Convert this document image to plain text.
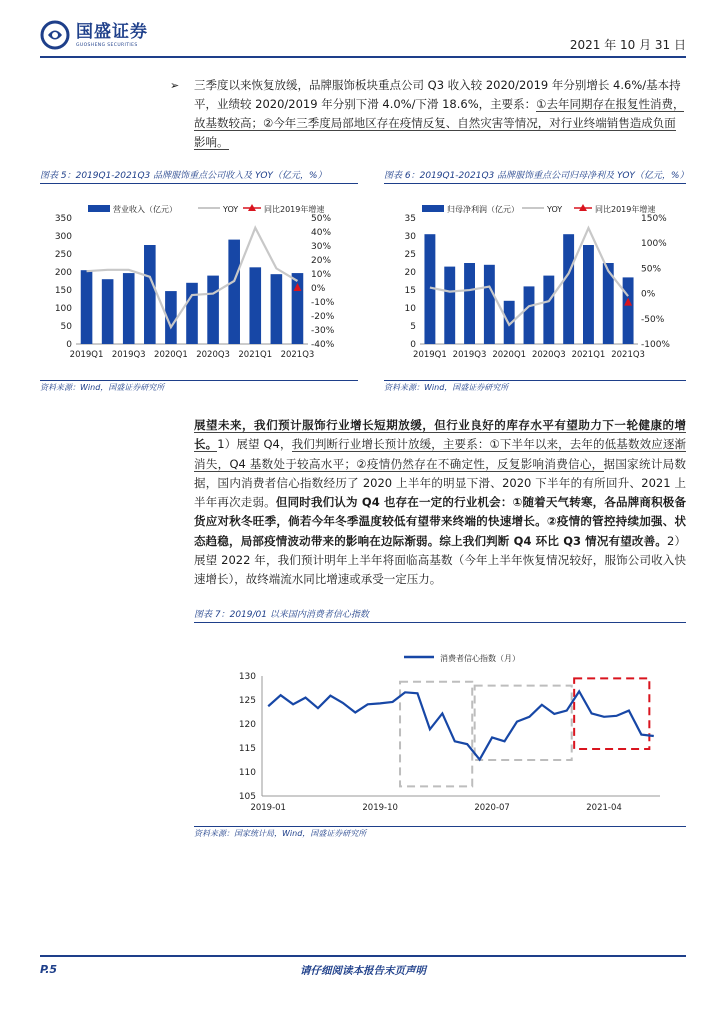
国盛证券
GUOSHENG SECURITIES	2021 年 10 月 31 日
➢ 三季度以来恢复放缓，品牌服饰板块重点公司 Q3 收入较 2020/2019 年分别增长 4.6%/基本持平，业绩较 2020/2019 年分别下滑 4.0%/下滑 18.6%，主要系：①去年同期存在报复性消费，故基数较高；②今年三季度局部地区存在疫情反复、自然灾害等情况，对行业终端销售造成负面影响。
图表 5：2019Q1-2021Q3 品牌服饰重点公司收入及 YOY（亿元，%）
营业收入（亿元）	YOY	同比2019年增速
0
50
100
150
200
250
300
350
-40%
-30%
-20%
-10%
0%
10%
20%
30%
40%
50%
2019Q1 2019Q3 2020Q1 2020Q3 2021Q1 2021Q3
资料来源：Wind，国盛证券研究所
图表 6：2019Q1-2021Q3 品牌服饰重点公司归母净利及 YOY（亿元，%）
归母净利润（亿元）	YOY	同比2019年增速
0
5
10
15
20
25
30
35
-100%
-50%
0%
50%
100%
150%
2019Q1 2019Q3 2020Q1 2020Q3 2021Q1 2021Q3
资料来源：Wind，国盛证券研究所
展望未来，我们预计服饰行业增长短期放缓，但行业良好的库存水平有望助力下一轮健康的增长。1）展望 Q4，我们判断行业增长预计放缓，主要系：①下半年以来，去年的低基数效应逐渐消失，Q4 基数处于较高水平；②疫情仍然存在不确定性，反复影响消费信心，据国家统计局数据，国内消费者信心指数经历了 2020 上半年的明显下滑、2020 下半年的有所回升、2021 上半年再次走弱。但同时我们认为 Q4 也存在一定的行业机会：①随着天气转寒，各品牌商积极备货应对秋冬旺季，倘若今年冬季温度较低有望带来终端的快速增长。②疫情的管控持续加强、状态趋稳，局部疫情波动带来的影响在边际渐弱。综上我们判断 Q4 环比 Q3 情况有望改善。2）展望 2022 年，我们预计明年上半年将面临高基数（今年上半年恢复情况较好，服饰公司收入快速增长），故终端流水同比增速或承受一定压力。
图表 7：2019/01 以来国内消费者信心指数
消费者信心指数（月）
105
110
115
120
125
130
2019-01	2019-10	2020-07	2021-04
资料来源：国家统计局，Wind，国盛证券研究所
P.5	请仔细阅读本报告末页声明
